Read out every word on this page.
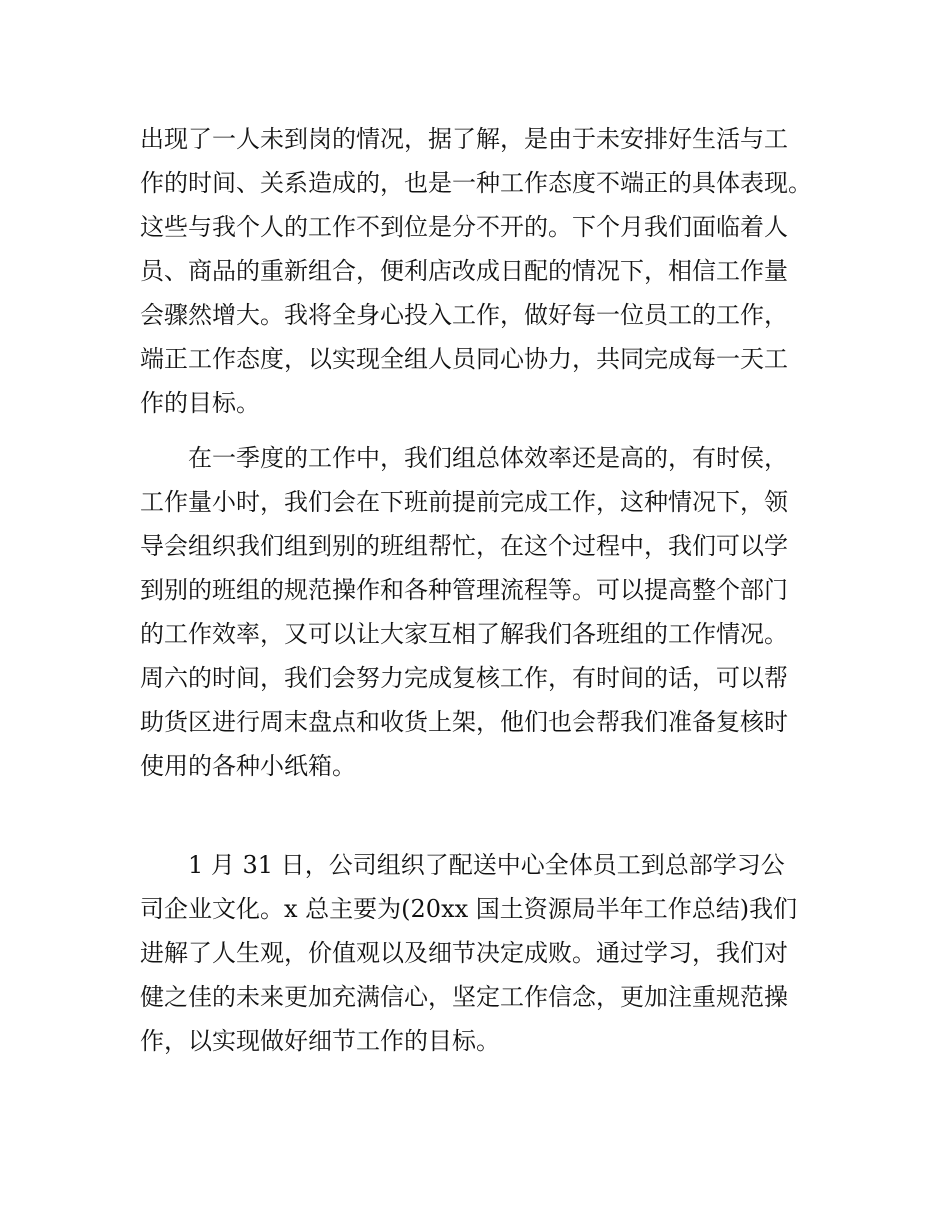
出现了一人未到岗的情况，据了解，是由于未安排好生活与工
作的时间、关系造成的，也是一种工作态度不端正的具体表现。
这些与我个人的工作不到位是分不开的。下个月我们面临着人
员、商品的重新组合，便利店改成日配的情况下，相信工作量
会骤然增大。我将全身心投入工作，做好每一位员工的工作，
端正工作态度，以实现全组人员同心协力，共同完成每一天工
作的目标。
　　在一季度的工作中，我们组总体效率还是高的，有时侯，
工作量小时，我们会在下班前提前完成工作，这种情况下，领
导会组织我们组到别的班组帮忙，在这个过程中，我们可以学
到别的班组的规范操作和各种管理流程等。可以提高整个部门
的工作效率，又可以让大家互相了解我们各班组的工作情况。
周六的时间，我们会努力完成复核工作，有时间的话，可以帮
助货区进行周末盘点和收货上架，他们也会帮我们准备复核时
使用的各种小纸箱。
　　1 月 31 日，公司组织了配送中心全体员工到总部学习公
司企业文化。x 总主要为(20xx 国土资源局半年工作总结)我们
进解了人生观，价值观以及细节决定成败。通过学习，我们对
健之佳的未来更加充满信心，坚定工作信念，更加注重规范操
作，以实现做好细节工作的目标。
